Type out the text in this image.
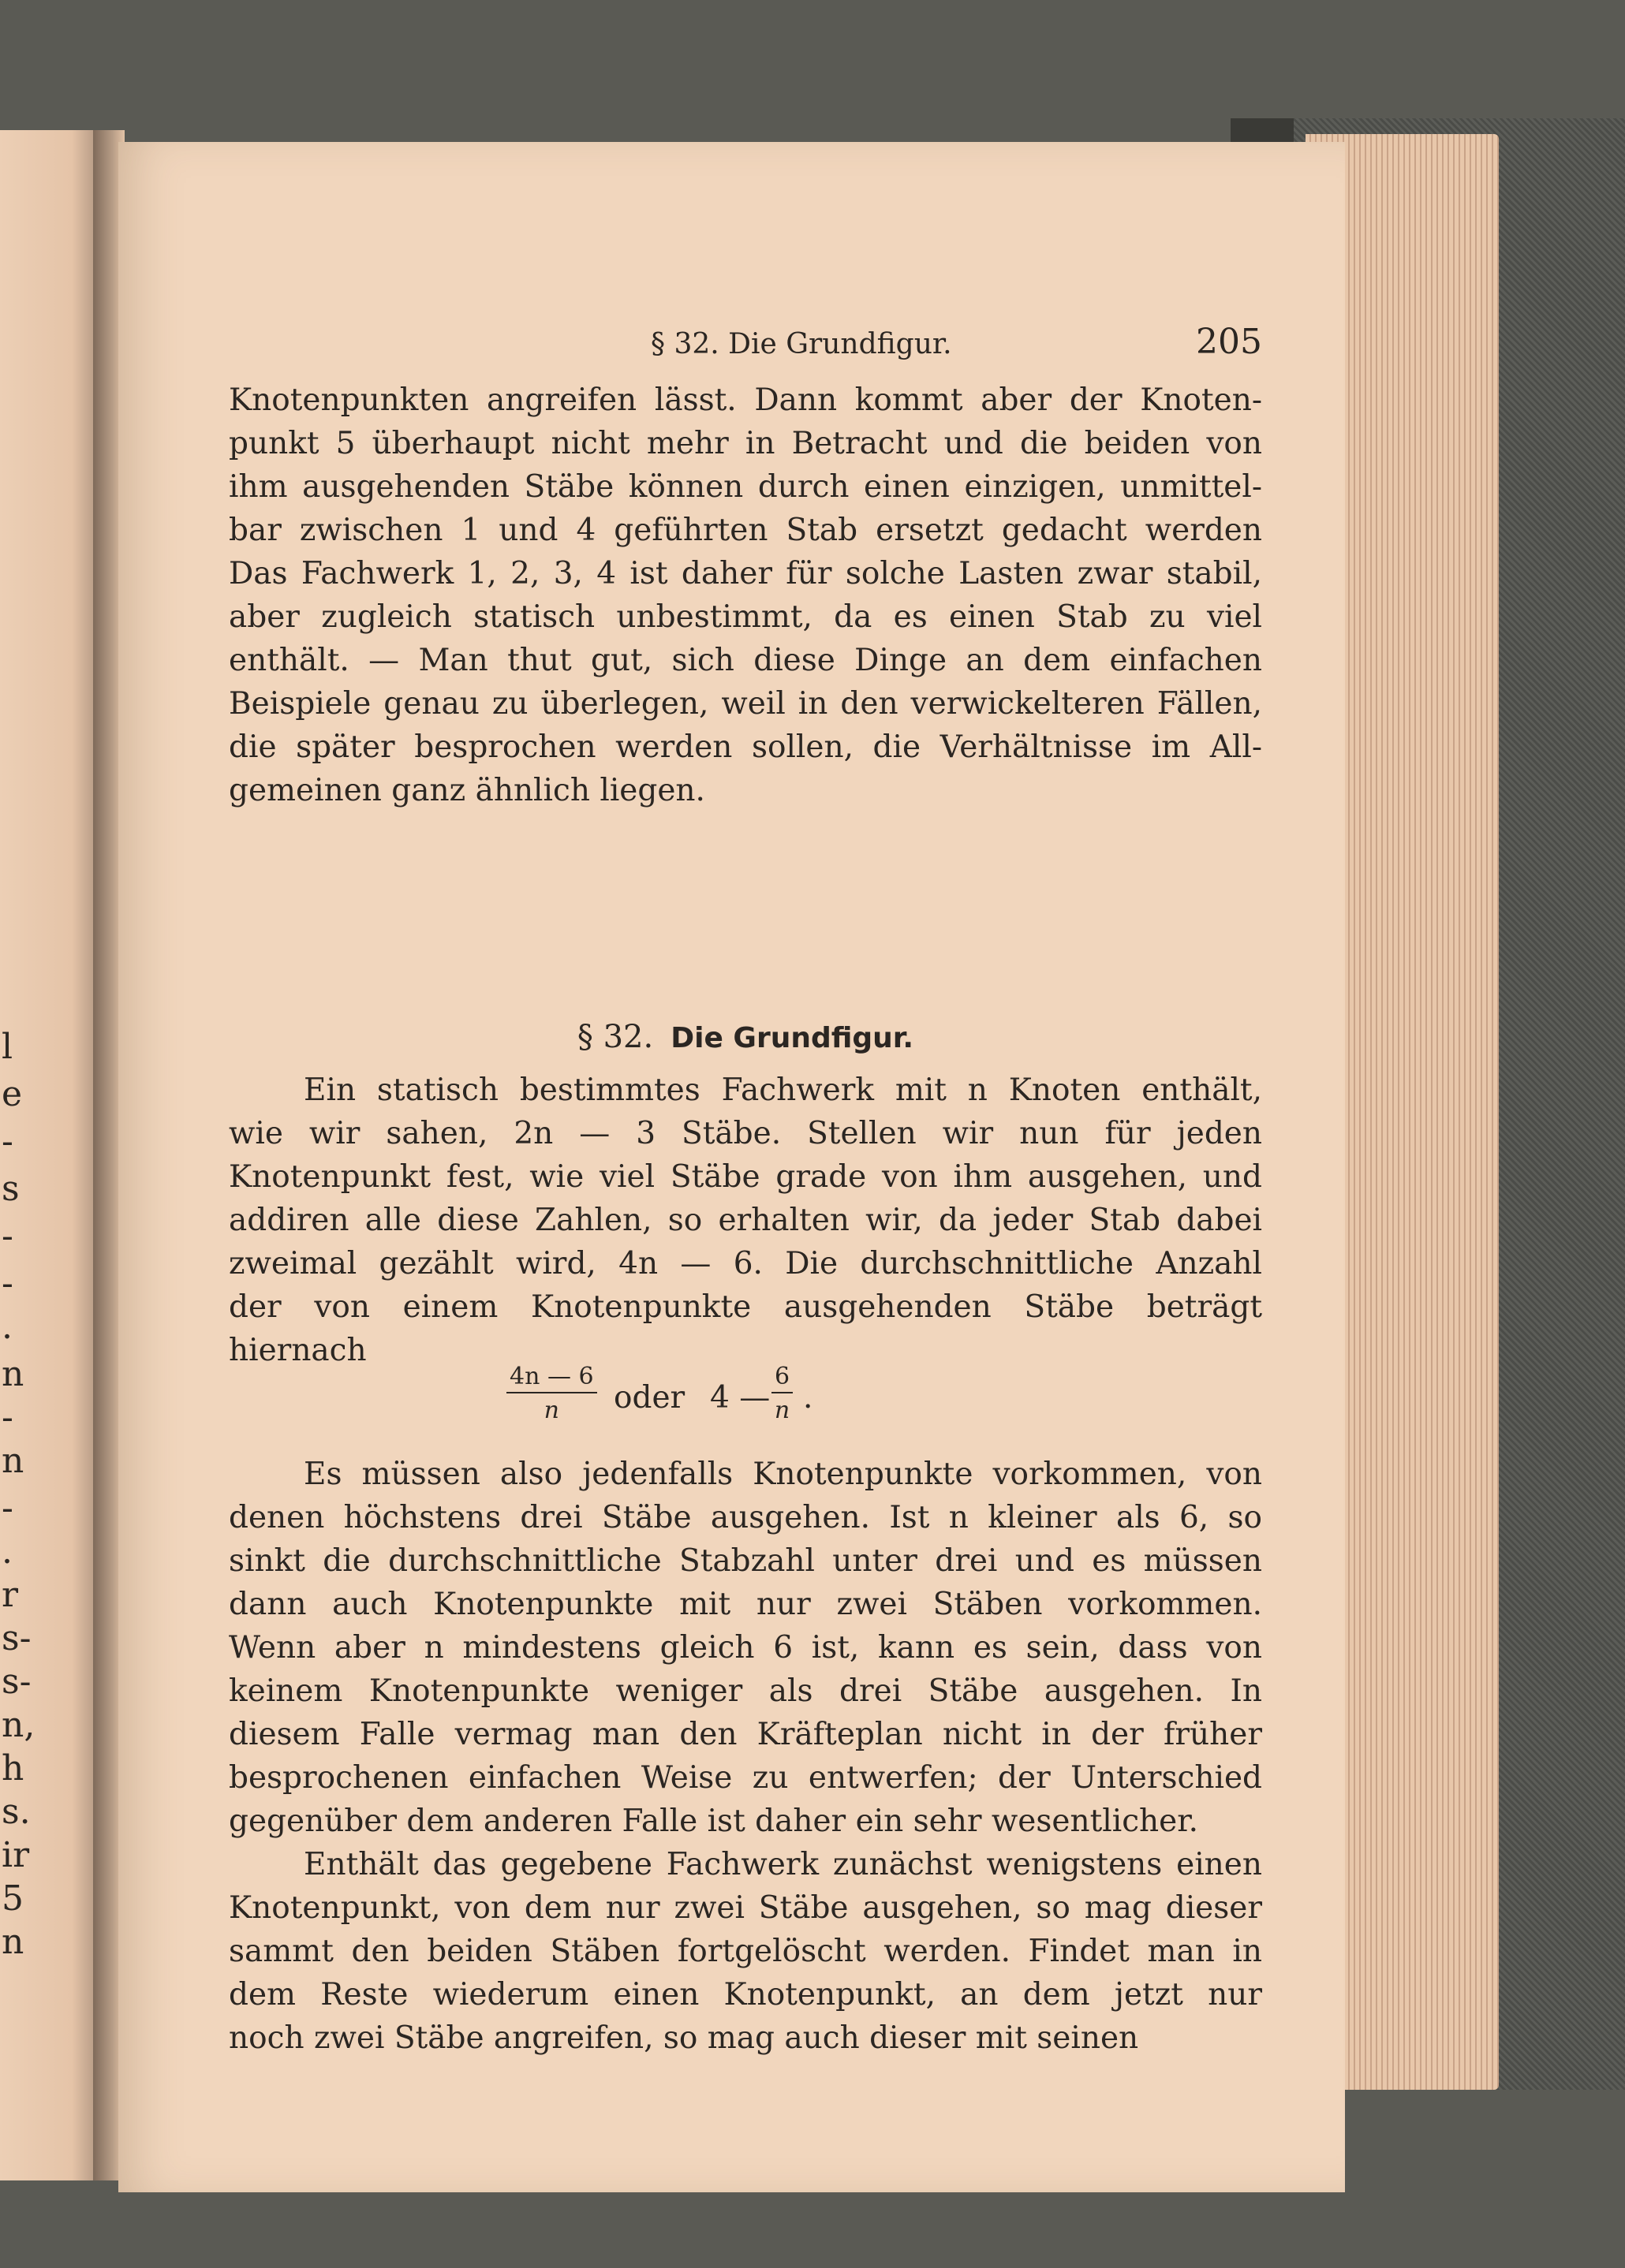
l
e
-
s
-
-
.
n
-
n
-
.
r
s-
s-
n,
h
s.
ir
5
n
§ 32. Die Grundfigur.	205
Knotenpunkten angreifen lässt. Dann kommt aber der Knoten-
punkt 5 überhaupt nicht mehr in Betracht und die beiden von
ihm ausgehenden Stäbe können durch einen einzigen, unmittel-
bar zwischen 1 und 4 geführten Stab ersetzt gedacht werden
Das Fachwerk 1, 2, 3, 4 ist daher für solche Lasten zwar stabil,
aber zugleich statisch unbestimmt, da es einen Stab zu viel
enthält. — Man thut gut, sich diese Dinge an dem einfachen
Beispiele genau zu überlegen, weil in den verwickelteren Fällen,
die später besprochen werden sollen, die Verhältnisse im All-
gemeinen ganz ähnlich liegen.
§ 32. Die Grundfigur.
Ein statisch bestimmtes Fachwerk mit n Knoten enthält,
wie wir sahen, 2n — 3 Stäbe. Stellen wir nun für jeden
Knotenpunkt fest, wie viel Stäbe grade von ihm ausgehen, und
addiren alle diese Zahlen, so erhalten wir, da jeder Stab dabei
zweimal gezählt wird, 4n — 6. Die durchschnittliche Anzahl
der von einem Knotenpunkte ausgehenden Stäbe beträgt
hiernach
$\frac{4n — 6}{n}$ oder 4 — $\frac{6}{n}$ .
Es müssen also jedenfalls Knotenpunkte vorkommen, von
denen höchstens drei Stäbe ausgehen. Ist n kleiner als 6, so
sinkt die durchschnittliche Stabzahl unter drei und es müssen
dann auch Knotenpunkte mit nur zwei Stäben vorkommen.
Wenn aber n mindestens gleich 6 ist, kann es sein, dass von
keinem Knotenpunkte weniger als drei Stäbe ausgehen. In
diesem Falle vermag man den Kräfteplan nicht in der früher
besprochenen einfachen Weise zu entwerfen; der Unterschied
gegenüber dem anderen Falle ist daher ein sehr wesentlicher.
Enthält das gegebene Fachwerk zunächst wenigstens einen
Knotenpunkt, von dem nur zwei Stäbe ausgehen, so mag dieser
sammt den beiden Stäben fortgelöscht werden. Findet man in
dem Reste wiederum einen Knotenpunkt, an dem jetzt nur
noch zwei Stäbe angreifen, so mag auch dieser mit seinen
